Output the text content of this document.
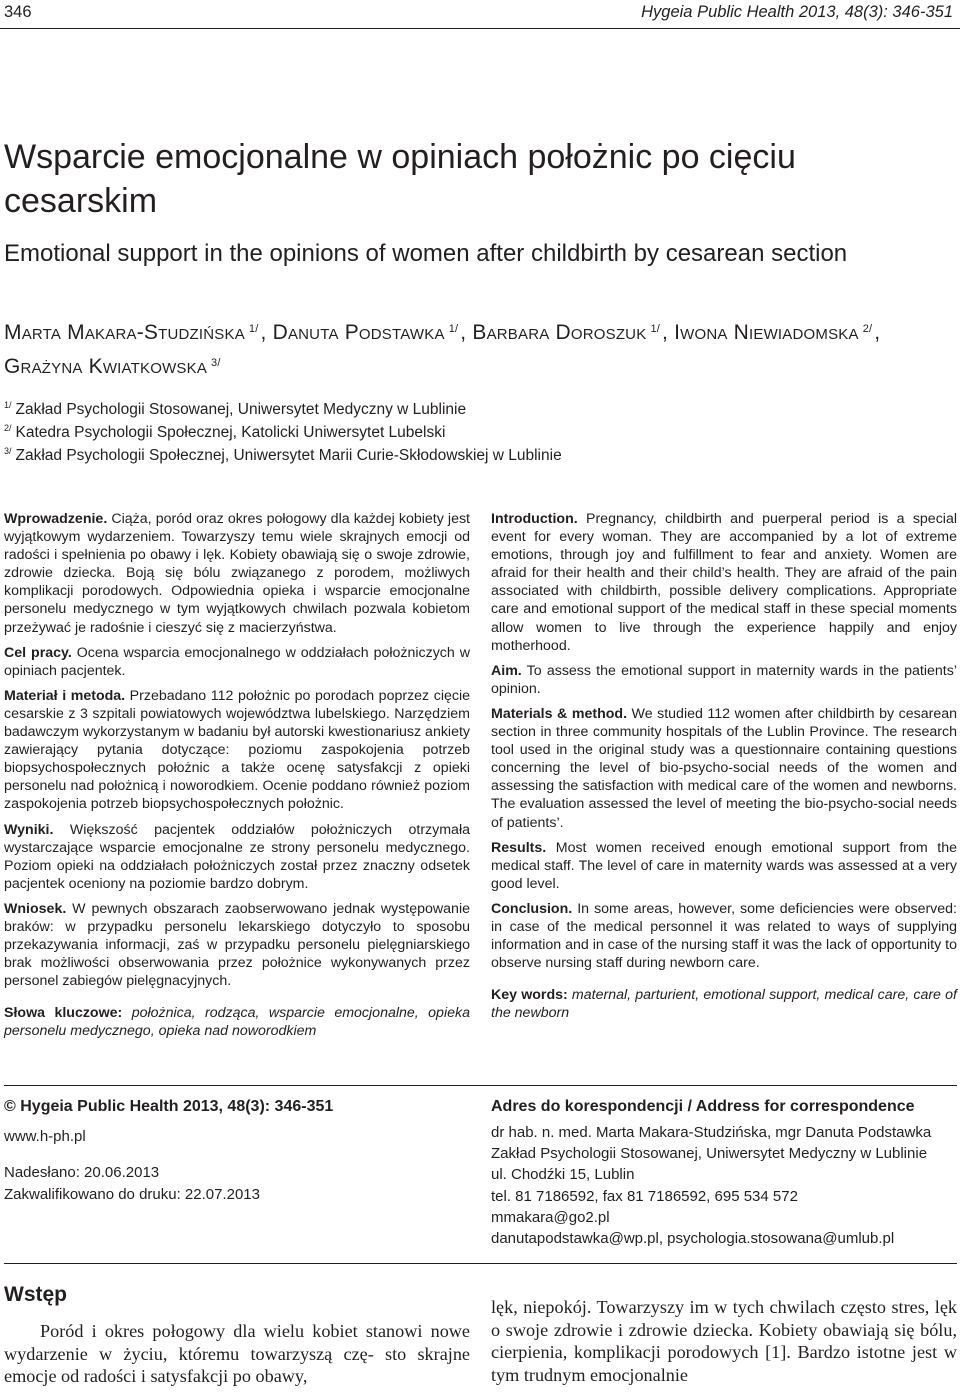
346	Hygeia Public Health 2013, 48(3): 346-351
Wsparcie emocjonalne w opiniach położnic po cięciu cesarskim
Emotional support in the opinions of women after childbirth by cesarean section
Marta Makara-Studzińska $^{1/}$, Danuta Podstawka $^{1/}$, Barbara Doroszuk $^{1/}$, Iwona Niewiadomska $^{2/}$,
Grażyna Kwiatkowska $^{3/}$
$^{1/}$ Zakład Psychologii Stosowanej, Uniwersytet Medyczny w Lublinie
$^{2/}$ Katedra Psychologii Społecznej, Katolicki Uniwersytet Lubelski
$^{3/}$ Zakład Psychologii Społecznej, Uniwersytet Marii Curie-Skłodowskiej w Lublinie

Wprowadzenie. Ciąża, poród oraz okres połogowy dla każdej kobiety jest wyjątkowym wydarzeniem. Towarzyszy temu wiele skrajnych emocji od radości i spełnienia po obawy i lęk. Kobiety obawiają się o swoje zdrowie, zdrowie dziecka. Boją się bólu związanego z porodem, możliwych komplikacji porodowych. Odpowiednia opieka i wsparcie emocjonalne personelu medycznego w tym wyjątkowych chwilach pozwala kobietom przeżywać je radośnie i cieszyć się z macierzyństwa.

Cel pracy. Ocena wsparcia emocjonalnego w oddziałach położniczych w opiniach pacjentek.

Materiał i metoda. Przebadano 112 położnic po porodach poprzez cięcie cesarskie z 3 szpitali powiatowych województwa lubelskiego. Narzędziem badawczym wykorzystanym w badaniu był autorski kwestionariusz ankiety zawierający pytania dotyczące: poziomu zaspokojenia potrzeb biopsychospołecznych położnic a także ocenę satysfakcji z opieki personelu nad położnicą i noworodkiem. Ocenie poddano również poziom zaspokojenia potrzeb biopsychospołecznych położnic.

Wyniki. Większość pacjentek oddziałów położniczych otrzymała wystarczające wsparcie emocjonalne ze strony personelu medycznego. Poziom opieki na oddziałach położniczych został przez znaczny odsetek pacjentek oceniony na poziomie bardzo dobrym.

Wniosek. W pewnych obszarach zaobserwowano jednak występowanie braków: w przypadku personelu lekarskiego dotyczyło to sposobu przekazywania informacji, zaś w przypadku personelu pielęgniarskiego brak możliwości obserwowania przez położnice wykonywanych przez personel zabiegów pielęgnacyjnych.

Słowa kluczowe: położnica, rodząca, wsparcie emocjonalne, opieka personelu medycznego, opieka nad noworodkiem

Introduction. Pregnancy, childbirth and puerperal period is a special event for every woman. They are accompanied by a lot of extreme emotions, through joy and fulfillment to fear and anxiety. Women are afraid for their health and their child’s health. They are afraid of the pain associated with childbirth, possible delivery complications. Appropriate care and emotional support of the medical staff in these special moments allow women to live through the experience happily and enjoy motherhood.

Aim. To assess the emotional support in maternity wards in the patients’ opinion.

Materials & method. We studied 112 women after childbirth by cesarean section in three community hospitals of the Lublin Province. The research tool used in the original study was a questionnaire containing questions concerning the level of bio-psycho-social needs of the women and assessing the satisfaction with medical care of the women and newborns. The evaluation assessed the level of meeting the bio-psycho-social needs of patients’.

Results. Most women received enough emotional support from the medical staff. The level of care in maternity wards was assessed at a very good level.

Conclusion. In some areas, however, some deficiencies were observed: in case of the medical personnel it was related to ways of supplying information and in case of the nursing staff it was the lack of opportunity to observe nursing staff during newborn care.

Key words: maternal, parturient, emotional support, medical care, care of the newborn

© Hygeia Public Health 2013, 48(3): 346-351
www.h-ph.pl
Nadesłano: 20.06.2013
Zakwalifikowano do druku: 22.07.2013
Adres do korespondencji / Address for correspondence
dr hab. n. med. Marta Makara-Studzińska, mgr Danuta Podstawka
Zakład Psychologii Stosowanej, Uniwersytet Medyczny w Lublinie
ul. Chodźki 15, Lublin
tel. 81 7186592, fax 81 7186592, 695 534 572
mmakara@go2.pl
danutapodstawka@wp.pl, psychologia.stosowana@umlub.pl
Wstęp
Poród i okres połogowy dla wielu kobiet stanowi nowe wydarzenie w życiu, któremu towarzyszą czę- sto skrajne emocje od radości i satysfakcji po obawy,
lęk, niepokój. Towarzyszy im w tych chwilach często stres, lęk o swoje zdrowie i zdrowie dziecka. Kobiety obawiają się bólu, cierpienia, komplikacji porodowych [1]. Bardzo istotne jest w tym trudnym emocjonalnie
